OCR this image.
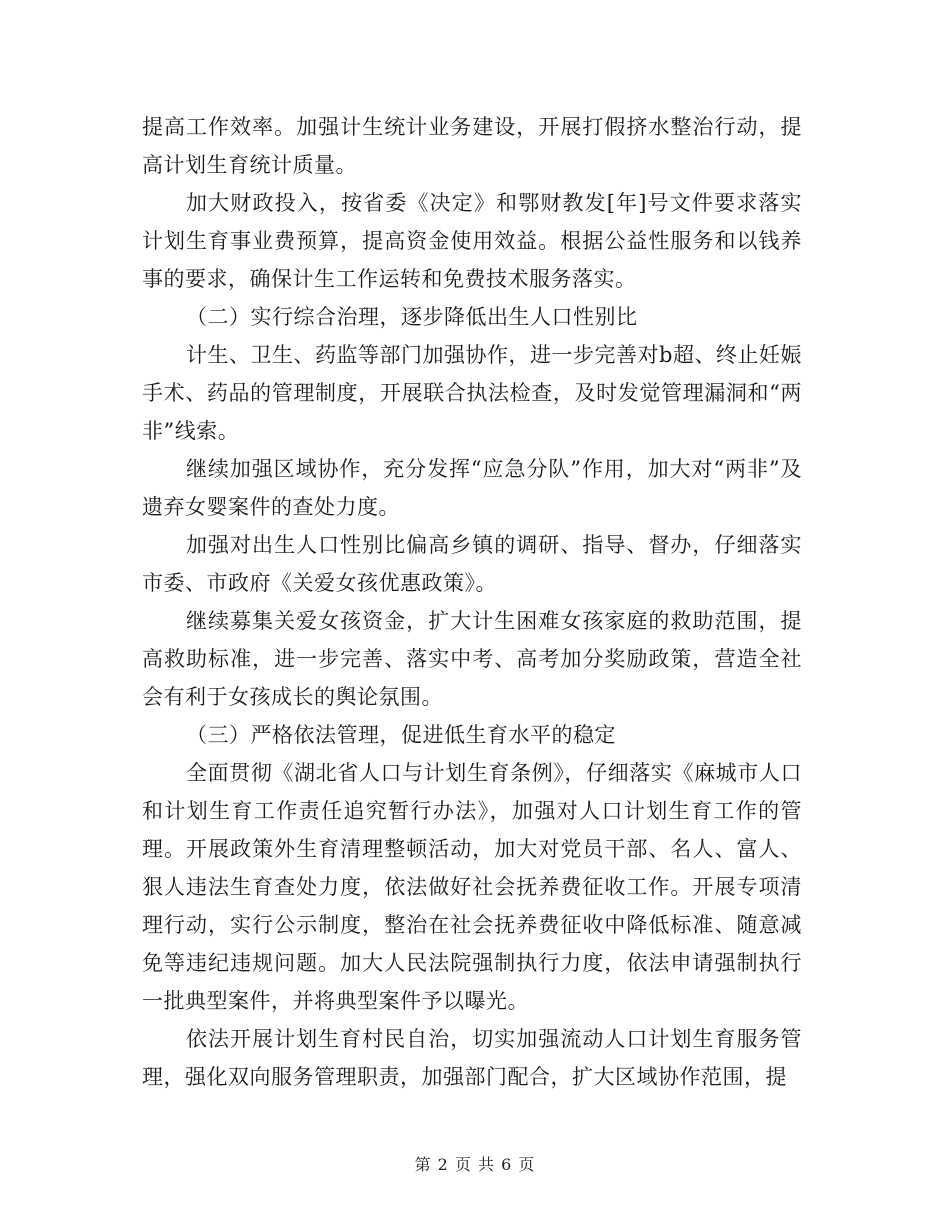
提高工作效率。加强计生统计业务建设，开展打假挤水整治行动，提高计划生育统计质量。

加大财政投入，按省委《决定》和鄂财教发[年]号文件要求落实计划生育事业费预算，提高资金使用效益。根据公益性服务和以钱养事的要求，确保计生工作运转和免费技术服务落实。

（二）实行综合治理，逐步降低出生人口性别比

计生、卫生、药监等部门加强协作，进一步完善对b超、终止妊娠手术、药品的管理制度，开展联合执法检查，及时发觉管理漏洞和“两非”线索。

继续加强区域协作，充分发挥“应急分队”作用，加大对“两非”及遗弃女婴案件的查处力度。

加强对出生人口性别比偏高乡镇的调研、指导、督办，仔细落实市委、市政府《关爱女孩优惠政策》。

继续募集关爱女孩资金，扩大计生困难女孩家庭的救助范围，提高救助标准，进一步完善、落实中考、高考加分奖励政策，营造全社会有利于女孩成长的舆论氛围。

（三）严格依法管理，促进低生育水平的稳定

全面贯彻《湖北省人口与计划生育条例》，仔细落实《麻城市人口和计划生育工作责任追究暂行办法》，加强对人口计划生育工作的管理。开展政策外生育清理整顿活动，加大对党员干部、名人、富人、狠人违法生育查处力度，依法做好社会抚养费征收工作。开展专项清理行动，实行公示制度，整治在社会抚养费征收中降低标准、随意减免等违纪违规问题。加大人民法院强制执行力度，依法申请强制执行一批典型案件，并将典型案件予以曝光。

依法开展计划生育村民自治，切实加强流动人口计划生育服务管理，强化双向服务管理职责，加强部门配合，扩大区域协作范围，提

第 2 页 共 6 页
